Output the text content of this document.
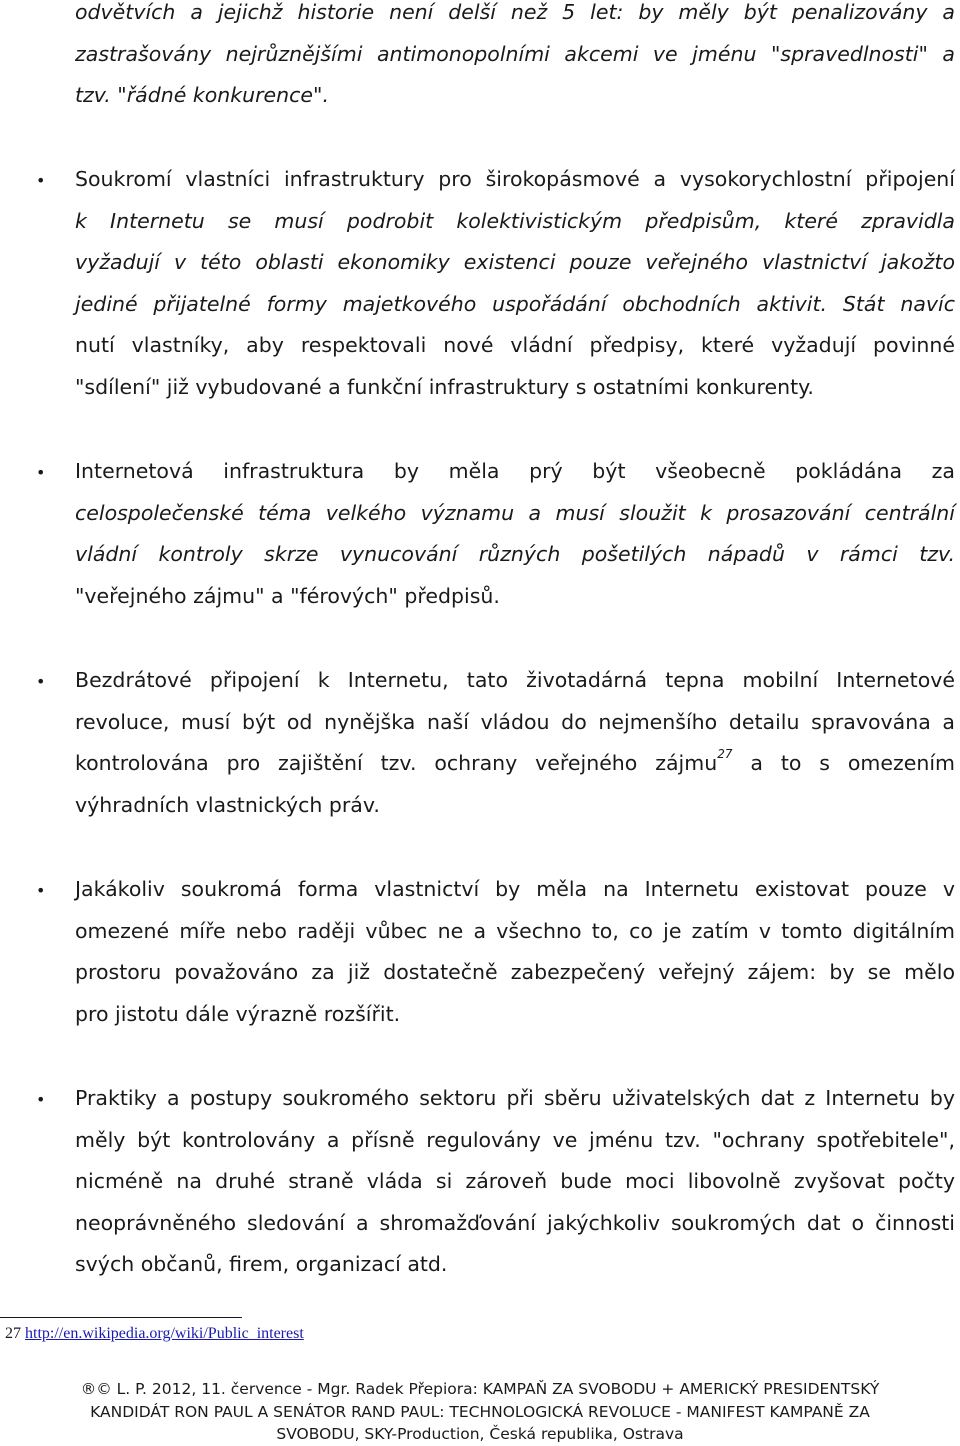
odvětvích a jejichž historie není delší než 5 let: by měly být penalizovány a
zastrašovány nejrůznějšími antimonopolními akcemi ve jménu "spravedlnosti" a
tzv. "řádné konkurence".
• Soukromí vlastníci infrastruktury pro širokopásmové a vysokorychlostní připojení
k Internetu se musí podrobit kolektivistickým předpisům, které zpravidla
vyžadují v této oblasti ekonomiky existenci pouze veřejného vlastnictví jakožto
jediné přijatelné formy majetkového uspořádání obchodních aktivit. Stát navíc
nutí vlastníky, aby respektovali nové vládní předpisy, které vyžadují povinné
"sdílení" již vybudované a funkční infrastruktury s ostatními konkurenty.
• Internetová infrastruktura by měla prý být všeobecně pokládána za
celospolečenské téma velkého významu a musí sloužit k prosazování centrální
vládní kontroly skrze vynucování různých pošetilých nápadů v rámci tzv.
"veřejného zájmu" a "férových" předpisů.
• Bezdrátové připojení k Internetu, tato životadárná tepna mobilní Internetové
revoluce, musí být od nynějška naší vládou do nejmenšího detailu spravována a
kontrolována pro zajištění tzv. ochrany veřejného zájmu$^{27}$ a to s omezením
výhradních vlastnických práv.
• Jakákoliv soukromá forma vlastnictví by měla na Internetu existovat pouze v
omezené míře nebo raději vůbec ne a všechno to, co je zatím v tomto digitálním
prostoru považováno za již dostatečně zabezpečený veřejný zájem: by se mělo
pro jistotu dále výrazně rozšířit.
• Praktiky a postupy soukromého sektoru při sběru uživatelských dat z Internetu by
měly být kontrolovány a přísně regulovány ve jménu tzv. "ochrany spotřebitele",
nicméně na druhé straně vláda si zároveň bude moci libovolně zvyšovat počty
neoprávněného sledování a shromažďování jakýchkoliv soukromých dat o činnosti
svých občanů, firem, organizací atd.
27 http://en.wikipedia.org/wiki/Public_interest
®© L. P. 2012, 11. července - Mgr. Radek Přepiora: KAMPAŇ ZA SVOBODU + AMERICKÝ PRESIDENTSKÝ
KANDIDÁT RON PAUL A SENÁTOR RAND PAUL: TECHNOLOGICKÁ REVOLUCE - MANIFEST KAMPANĚ ZA
SVOBODU, SKY-Production, Česká republika, Ostrava
